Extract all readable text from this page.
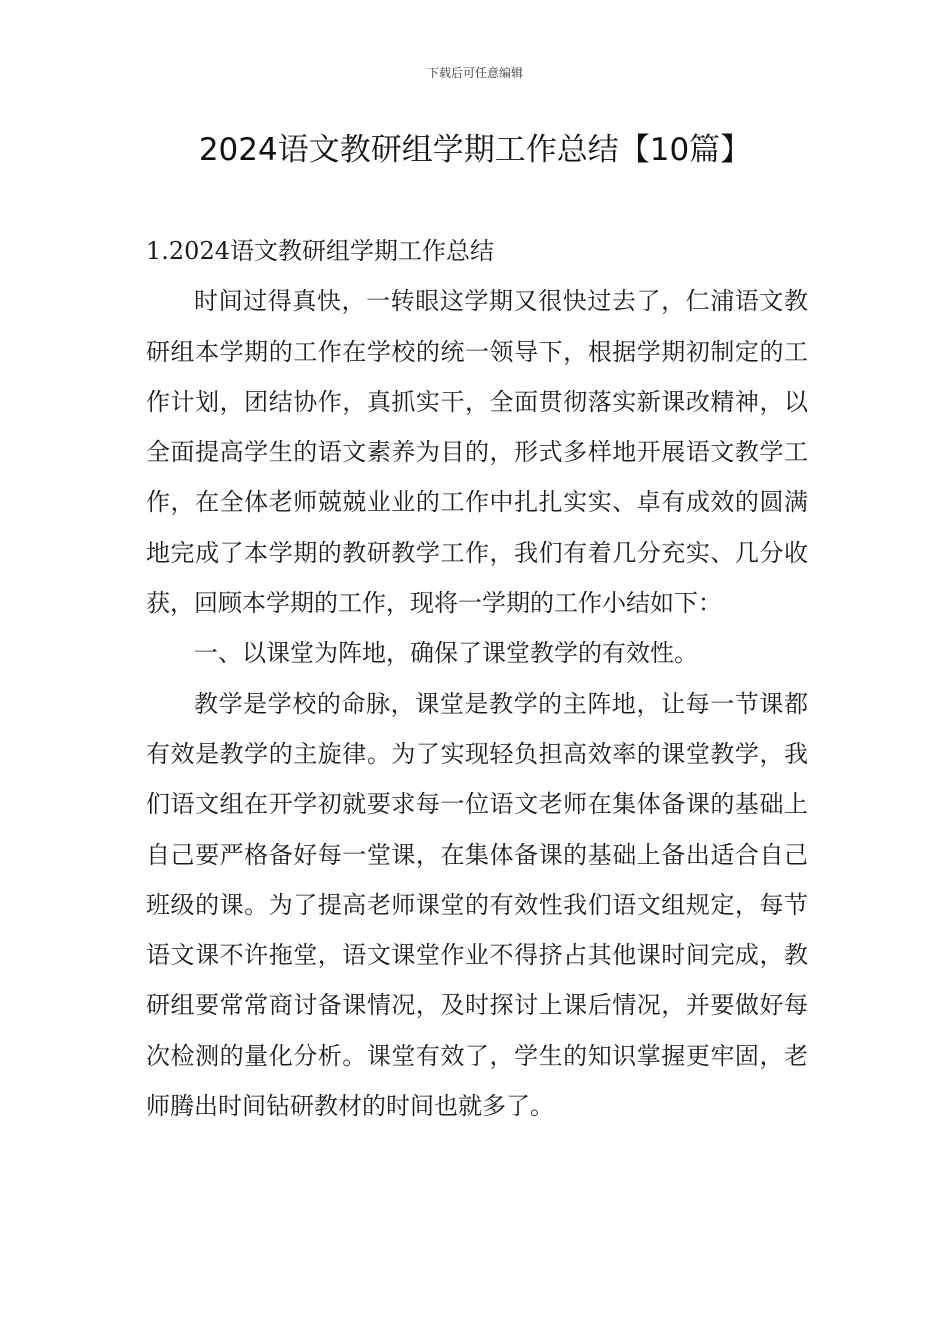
下载后可任意编辑
2024语文教研组学期工作总结【10篇】

1.2024语文教研组学期工作总结

时间过得真快，一转眼这学期又很快过去了，仁浦语文教研组本学期的工作在学校的统一领导下，根据学期初制定的工作计划，团结协作，真抓实干，全面贯彻落实新课改精神，以全面提高学生的语文素养为目的，形式多样地开展语文教学工作，在全体老师兢兢业业的工作中扎扎实实、卓有成效的圆满地完成了本学期的教研教学工作，我们有着几分充实、几分收获，回顾本学期的工作，现将一学期的工作小结如下：

一、以课堂为阵地，确保了课堂教学的有效性。

教学是学校的命脉，课堂是教学的主阵地，让每一节课都有效是教学的主旋律。为了实现轻负担高效率的课堂教学，我们语文组在开学初就要求每一位语文老师在集体备课的基础上自己要严格备好每一堂课，在集体备课的基础上备出适合自己班级的课。为了提高老师课堂的有效性我们语文组规定，每节语文课不许拖堂，语文课堂作业不得挤占其他课时间完成，教研组要常常商讨备课情况，及时探讨上课后情况，并要做好每次检测的量化分析。课堂有效了，学生的知识掌握更牢固，老师腾出时间钻研教材的时间也就多了。
